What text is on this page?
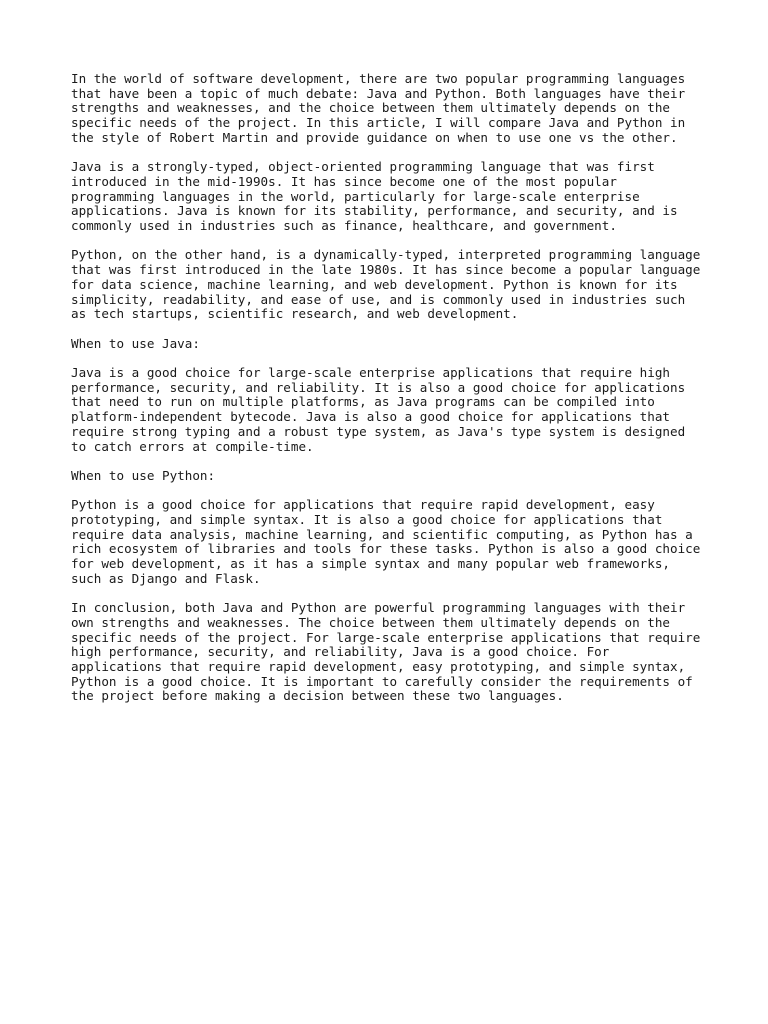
In the world of software development, there are two popular programming languages
that have been a topic of much debate: Java and Python. Both languages have their
strengths and weaknesses, and the choice between them ultimately depends on the
specific needs of the project. In this article, I will compare Java and Python in
the style of Robert Martin and provide guidance on when to use one vs the other.

Java is a strongly-typed, object-oriented programming language that was first
introduced in the mid-1990s. It has since become one of the most popular
programming languages in the world, particularly for large-scale enterprise
applications. Java is known for its stability, performance, and security, and is
commonly used in industries such as finance, healthcare, and government.

Python, on the other hand, is a dynamically-typed, interpreted programming language
that was first introduced in the late 1980s. It has since become a popular language
for data science, machine learning, and web development. Python is known for its
simplicity, readability, and ease of use, and is commonly used in industries such
as tech startups, scientific research, and web development.

When to use Java:

Java is a good choice for large-scale enterprise applications that require high
performance, security, and reliability. It is also a good choice for applications
that need to run on multiple platforms, as Java programs can be compiled into
platform-independent bytecode. Java is also a good choice for applications that
require strong typing and a robust type system, as Java's type system is designed
to catch errors at compile-time.

When to use Python:

Python is a good choice for applications that require rapid development, easy
prototyping, and simple syntax. It is also a good choice for applications that
require data analysis, machine learning, and scientific computing, as Python has a
rich ecosystem of libraries and tools for these tasks. Python is also a good choice
for web development, as it has a simple syntax and many popular web frameworks,
such as Django and Flask.

In conclusion, both Java and Python are powerful programming languages with their
own strengths and weaknesses. The choice between them ultimately depends on the
specific needs of the project. For large-scale enterprise applications that require
high performance, security, and reliability, Java is a good choice. For
applications that require rapid development, easy prototyping, and simple syntax,
Python is a good choice. It is important to carefully consider the requirements of
the project before making a decision between these two languages.
